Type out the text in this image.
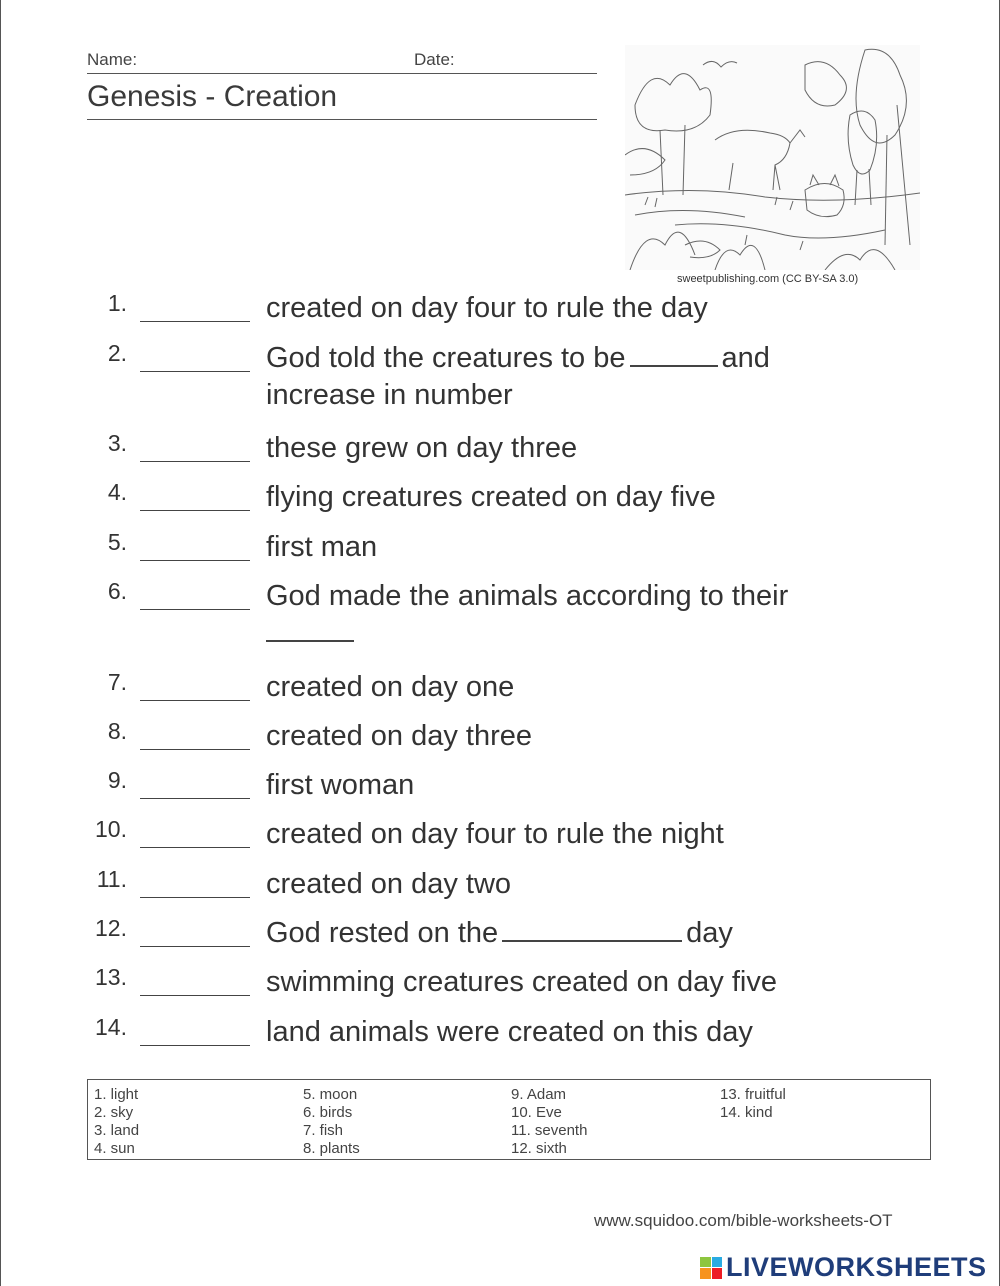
Name:	Date:
Genesis - Creation
sweetpublishing.com (CC BY-SA 3.0)
1.	created on day four to rule the day
2.	God told the creatures to be	and
increase in number
3.	these grew on day three
4.	flying creatures created on day five
5.	first man
6.	God made the animals according to their

7.	created on day one
8.	created on day three
9.	first woman
10.	created on day four to rule the night
11.	created on day two
12.	God rested on the	day
13.	swimming creatures created on day five
14.	land animals were created on this day
1. light
2. sky
3. land
4. sun
5. moon
6. birds
7. fish
8. plants
9. Adam
10. Eve
11. seventh
12. sixth
13. fruitful
14. kind
www.squidoo.com/bible-worksheets-OT
LIVEWORKSHEETS
